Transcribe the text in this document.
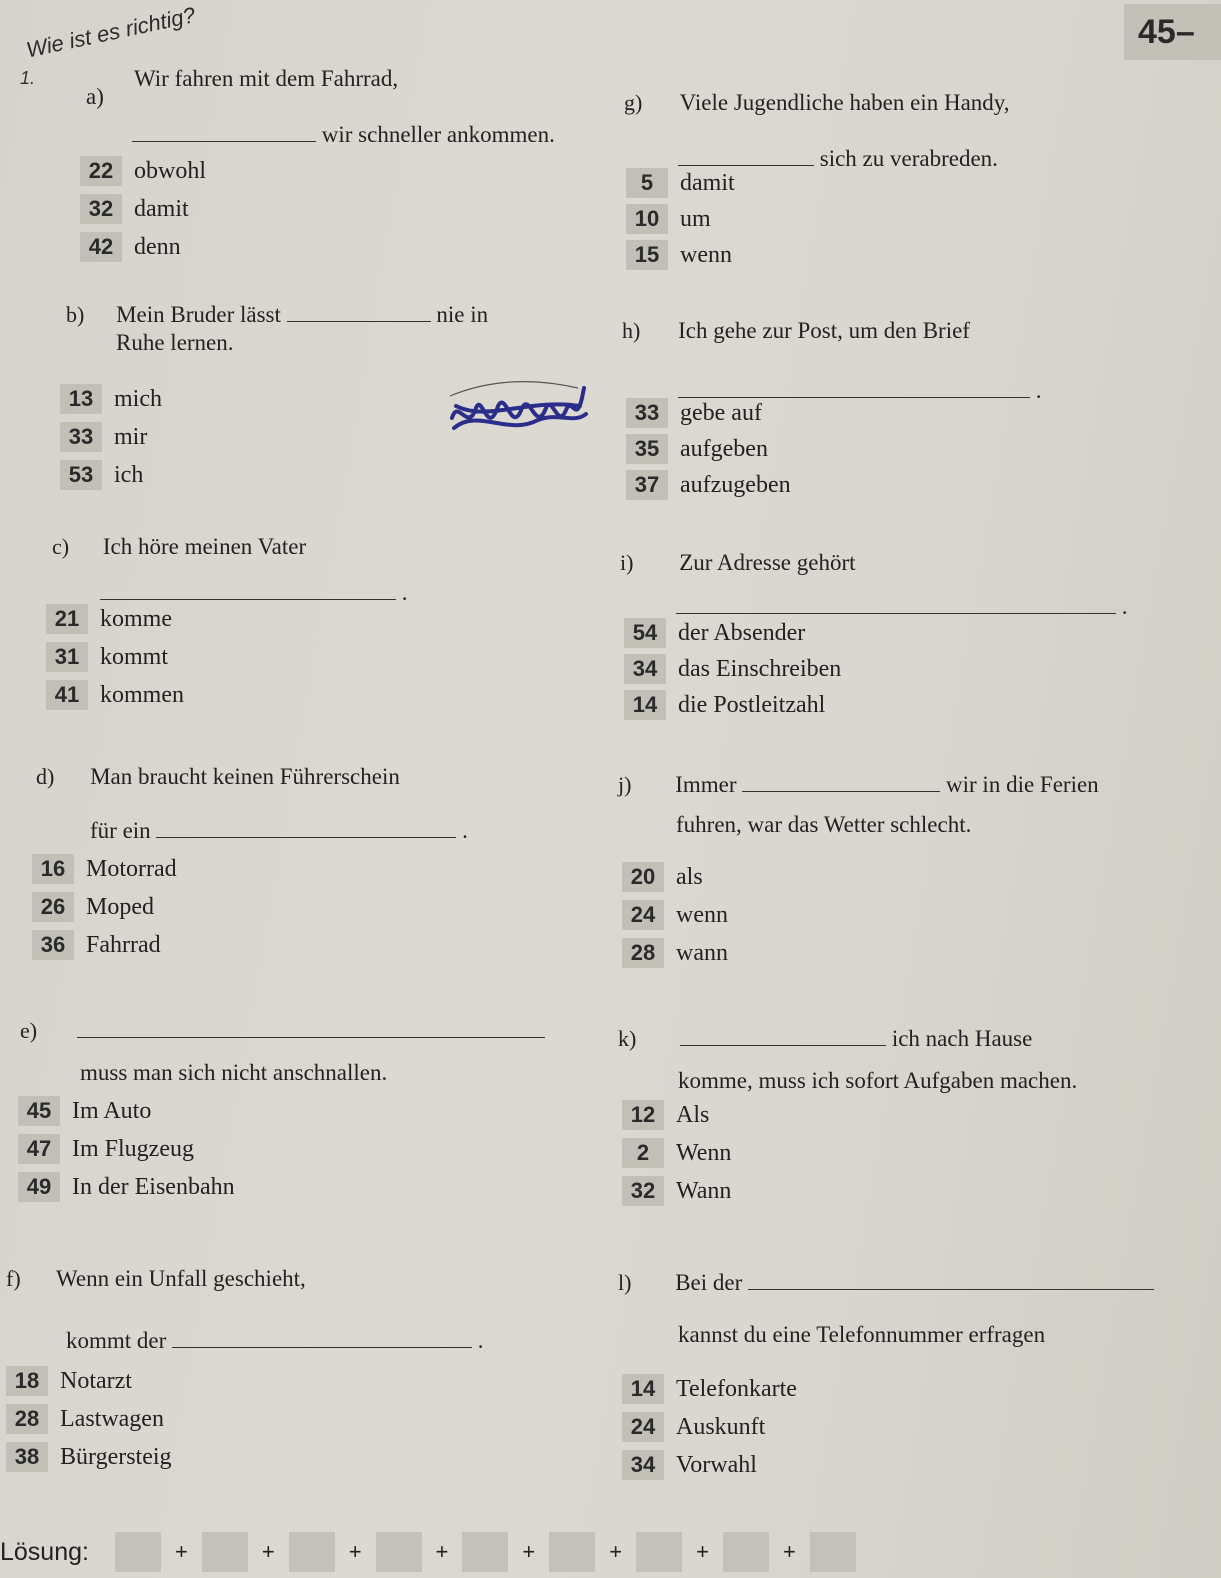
45–
1.
Wie ist es richtig?
a)
Wir fahren mit dem Fahrrad,
wir schneller ankommen.
22 obwohl
32 damit
42 denn
b) Mein Bruder lässt	nie in
Ruhe lernen.
13 mich
33 mir
53 ich
c) Ich höre meinen Vater
.
21 komme
31 kommt
41 kommen
d) Man braucht keinen Führerschein
für ein	.
16 Motorrad
26 Moped
36 Fahrrad
e)
muss man sich nicht anschnallen.
45 Im Auto
47 Im Flugzeug
49 In der Eisenbahn
f) Wenn ein Unfall geschieht,
kommt der	.
18 Notarzt
28 Lastwagen
38 Bürgersteig
g) Viele Jugendliche haben ein Handy,
sich zu verabreden.
5	damit
10 um
15 wenn
h) Ich gehe zur Post, um den Brief
.
33 gebe auf
35 aufgeben
37 aufzugeben
i) Zur Adresse gehört
.
54 der Absender
34 das Einschreiben
14 die Postleitzahl
j) Immer	wir in die Ferien
fuhren, war das Wetter schlecht.
20 als
24 wenn
28 wann
k)	ich nach Hause
komme, muss ich sofort Aufgaben machen.
12 Als
2	Wenn
32 Wann
l) Bei der
kannst du eine Telefonnummer erfragen
14 Telefonkarte
24 Auskunft
34 Vorwahl
Lösung:	+	+	+	+	+	+	+	+
